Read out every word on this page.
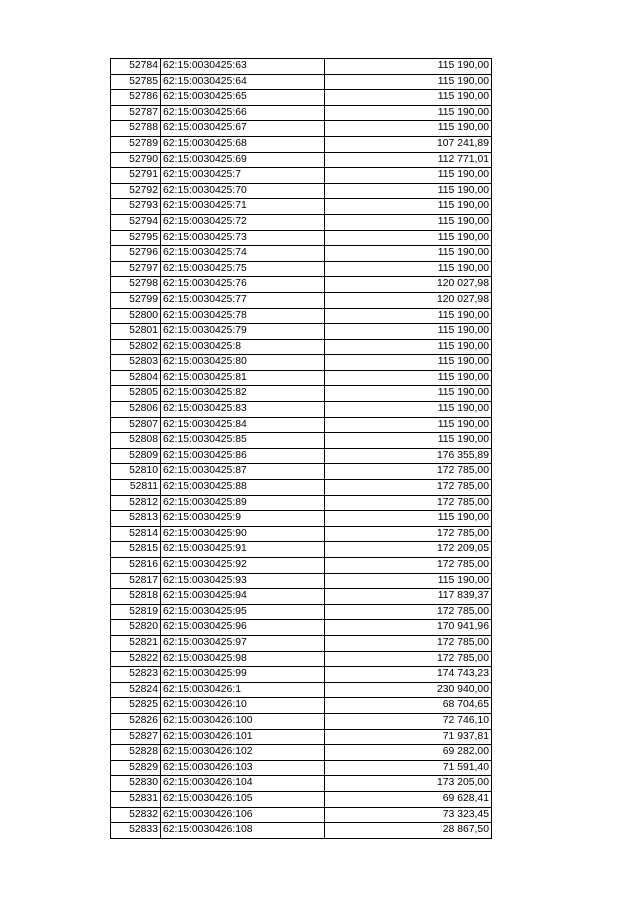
52784	62:15:0030425:63	115 190,00
52785	62:15:0030425:64	115 190,00
52786	62:15:0030425:65	115 190,00
52787	62:15:0030425:66	115 190,00
52788	62:15:0030425:67	115 190,00
52789	62:15:0030425:68	107 241,89
52790	62:15:0030425:69	112 771,01
52791	62:15:0030425:7	115 190,00
52792	62:15:0030425:70	115 190,00
52793	62:15:0030425:71	115 190,00
52794	62:15:0030425:72	115 190,00
52795	62:15:0030425:73	115 190,00
52796	62:15:0030425:74	115 190,00
52797	62:15:0030425:75	115 190,00
52798	62:15:0030425:76	120 027,98
52799	62:15:0030425:77	120 027,98
52800	62:15:0030425:78	115 190,00
52801	62:15:0030425:79	115 190,00
52802	62:15:0030425:8	115 190,00
52803	62:15:0030425:80	115 190,00
52804	62:15:0030425:81	115 190,00
52805	62:15:0030425:82	115 190,00
52806	62:15:0030425:83	115 190,00
52807	62:15:0030425:84	115 190,00
52808	62:15:0030425:85	115 190,00
52809	62:15:0030425:86	176 355,89
52810	62:15:0030425:87	172 785,00
52811	62:15:0030425:88	172 785,00
52812	62:15:0030425:89	172 785,00
52813	62:15:0030425:9	115 190,00
52814	62:15:0030425:90	172 785,00
52815	62:15:0030425:91	172 209,05
52816	62:15:0030425:92	172 785,00
52817	62:15:0030425:93	115 190,00
52818	62:15:0030425:94	117 839,37
52819	62:15:0030425:95	172 785,00
52820	62:15:0030425:96	170 941,96
52821	62:15:0030425:97	172 785,00
52822	62:15:0030425:98	172 785,00
52823	62:15:0030425:99	174 743,23
52824	62:15:0030426:1	230 940,00
52825	62:15:0030426:10	68 704,65
52826	62:15:0030426:100	72 746,10
52827	62:15:0030426:101	71 937,81
52828	62:15:0030426:102	69 282,00
52829	62:15:0030426:103	71 591,40
52830	62:15:0030426:104	173 205,00
52831	62:15:0030426:105	69 628,41
52832	62:15:0030426:106	73 323,45
52833	62:15:0030426:108	28 867,50
